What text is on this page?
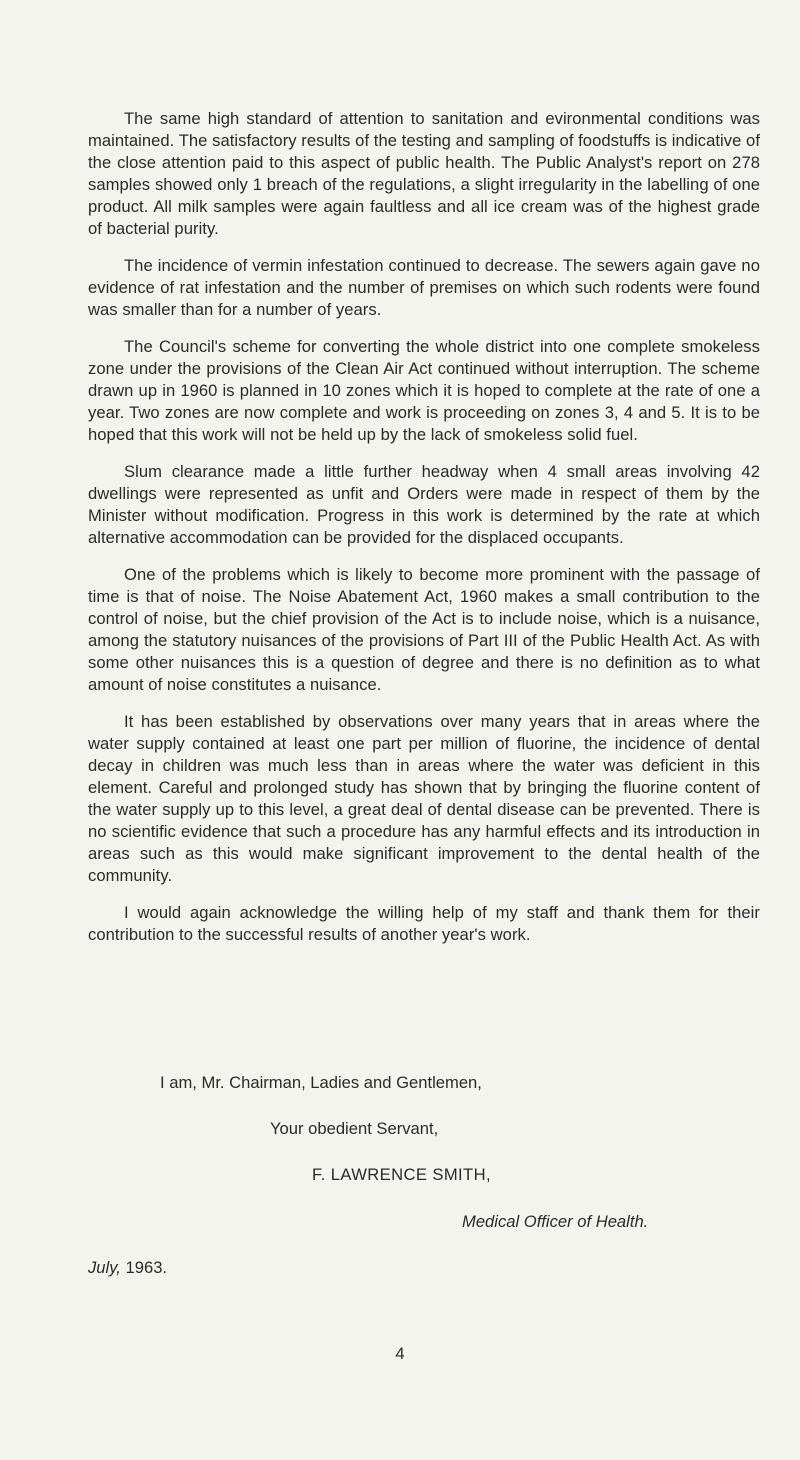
The same high standard of attention to sanitation and evironmental conditions was maintained. The satisfactory results of the testing and sampling of foodstuffs is indicative of the close attention paid to this aspect of public health. The Public Analyst's report on 278 samples showed only 1 breach of the regulations, a slight irregularity in the labelling of one product. All milk samples were again faultless and all ice cream was of the highest grade of bacterial purity.

The incidence of vermin infestation continued to decrease. The sewers again gave no evidence of rat infestation and the number of premises on which such rodents were found was smaller than for a number of years.

The Council's scheme for converting the whole district into one complete smokeless zone under the provisions of the Clean Air Act continued without interruption. The scheme drawn up in 1960 is planned in 10 zones which it is hoped to complete at the rate of one a year. Two zones are now complete and work is proceeding on zones 3, 4 and 5. It is to be hoped that this work will not be held up by the lack of smokeless solid fuel.

Slum clearance made a little further headway when 4 small areas involving 42 dwellings were represented as unfit and Orders were made in respect of them by the Minister without modification. Progress in this work is determined by the rate at which alternative accommodation can be provided for the displaced occupants.

One of the problems which is likely to become more prominent with the passage of time is that of noise. The Noise Abatement Act, 1960 makes a small contribution to the control of noise, but the chief provision of the Act is to include noise, which is a nuisance, among the statutory nuisances of the provisions of Part III of the Public Health Act. As with some other nuisances this is a question of degree and there is no definition as to what amount of noise constitutes a nuisance.

It has been established by observations over many years that in areas where the water supply contained at least one part per million of fluorine, the incidence of dental decay in children was much less than in areas where the water was deficient in this element. Careful and prolonged study has shown that by bringing the fluorine content of the water supply up to this level, a great deal of dental disease can be prevented. There is no scientific evidence that such a procedure has any harmful effects and its introduction in areas such as this would make significant improvement to the dental health of the community.

I would again acknowledge the willing help of my staff and thank them for their contribution to the successful results of another year's work.

I am, Mr. Chairman, Ladies and Gentlemen,
Your obedient Servant,
F. LAWRENCE SMITH,
Medical Officer of Health.
July, 1963.
4
